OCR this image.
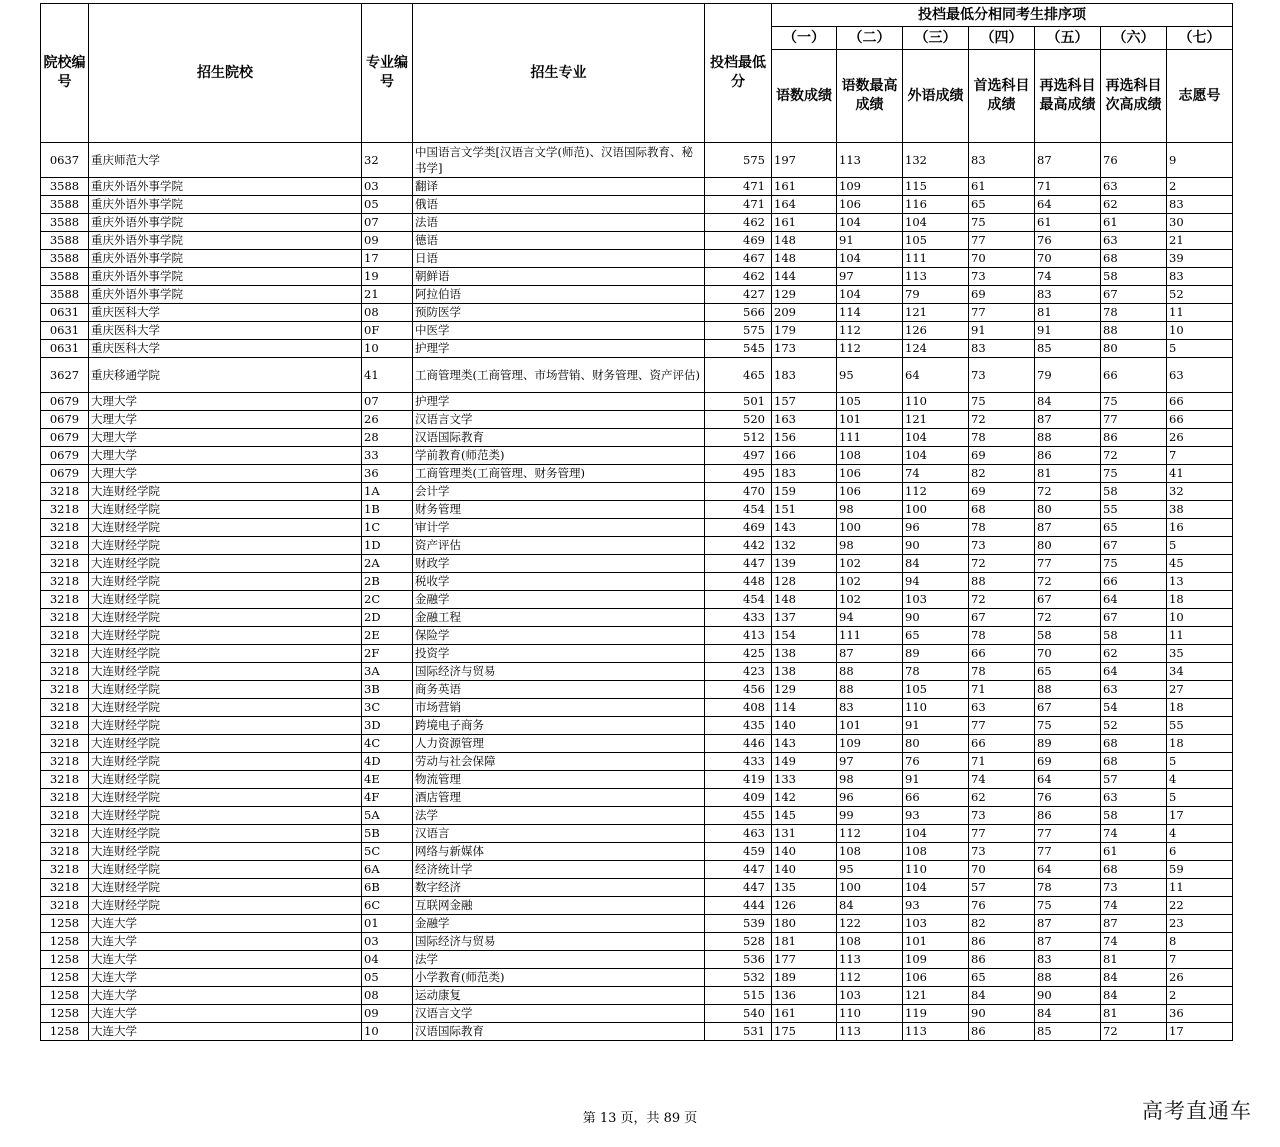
院校编号	招生院校	专业编号	招生专业	投档最低分	投档最低分相同考生排序项						
					（一）	（二）	（三）	（四）	（五）	（六）	（七）
					语数成绩	语数最高成绩	外语成绩	首选科目成绩	再选科目最高成绩	再选科目次高成绩	志愿号
0637	重庆师范大学	32	中国语言文学类[汉语言文学(师范)、汉语国际教育、秘书学]	575	197	113	132	83	87	76	9
3588	重庆外语外事学院	03	翻译	471	161	109	115	61	71	63	2
3588	重庆外语外事学院	05	俄语	471	164	106	116	65	64	62	83
3588	重庆外语外事学院	07	法语	462	161	104	104	75	61	61	30
3588	重庆外语外事学院	09	德语	469	148	91	105	77	76	63	21
3588	重庆外语外事学院	17	日语	467	148	104	111	70	70	68	39
3588	重庆外语外事学院	19	朝鲜语	462	144	97	113	73	74	58	83
3588	重庆外语外事学院	21	阿拉伯语	427	129	104	79	69	83	67	52
0631	重庆医科大学	08	预防医学	566	209	114	121	77	81	78	11
0631	重庆医科大学	0F	中医学	575	179	112	126	91	91	88	10
0631	重庆医科大学	10	护理学	545	173	112	124	83	85	80	5
3627	重庆移通学院	41	工商管理类(工商管理、市场营销、财务管理、资产评估)	465	183	95	64	73	79	66	63
0679	大理大学	07	护理学	501	157	105	110	75	84	75	66
0679	大理大学	26	汉语言文学	520	163	101	121	72	87	77	66
0679	大理大学	28	汉语国际教育	512	156	111	104	78	88	86	26
0679	大理大学	33	学前教育(师范类)	497	166	108	104	69	86	72	7
0679	大理大学	36	工商管理类(工商管理、财务管理)	495	183	106	74	82	81	75	41
3218	大连财经学院	1A	会计学	470	159	106	112	69	72	58	32
3218	大连财经学院	1B	财务管理	454	151	98	100	68	80	55	38
3218	大连财经学院	1C	审计学	469	143	100	96	78	87	65	16
3218	大连财经学院	1D	资产评估	442	132	98	90	73	80	67	5
3218	大连财经学院	2A	财政学	447	139	102	84	72	77	75	45
3218	大连财经学院	2B	税收学	448	128	102	94	88	72	66	13
3218	大连财经学院	2C	金融学	454	148	102	103	72	67	64	18
3218	大连财经学院	2D	金融工程	433	137	94	90	67	72	67	10
3218	大连财经学院	2E	保险学	413	154	111	65	78	58	58	11
3218	大连财经学院	2F	投资学	425	138	87	89	66	70	62	35
3218	大连财经学院	3A	国际经济与贸易	423	138	88	78	78	65	64	34
3218	大连财经学院	3B	商务英语	456	129	88	105	71	88	63	27
3218	大连财经学院	3C	市场营销	408	114	83	110	63	67	54	18
3218	大连财经学院	3D	跨境电子商务	435	140	101	91	77	75	52	55
3218	大连财经学院	4C	人力资源管理	446	143	109	80	66	89	68	18
3218	大连财经学院	4D	劳动与社会保障	433	149	97	76	71	69	68	5
3218	大连财经学院	4E	物流管理	419	133	98	91	74	64	57	4
3218	大连财经学院	4F	酒店管理	409	142	96	66	62	76	63	5
3218	大连财经学院	5A	法学	455	145	99	93	73	86	58	17
3218	大连财经学院	5B	汉语言	463	131	112	104	77	77	74	4
3218	大连财经学院	5C	网络与新媒体	459	140	108	108	73	77	61	6
3218	大连财经学院	6A	经济统计学	447	140	95	110	70	64	68	59
3218	大连财经学院	6B	数字经济	447	135	100	104	57	78	73	11
3218	大连财经学院	6C	互联网金融	444	126	84	93	76	75	74	22
1258	大连大学	01	金融学	539	180	122	103	82	87	87	23
1258	大连大学	03	国际经济与贸易	528	181	108	101	86	87	74	8
1258	大连大学	04	法学	536	177	113	109	86	83	81	7
1258	大连大学	05	小学教育(师范类)	532	189	112	106	65	88	84	26
1258	大连大学	08	运动康复	515	136	103	121	84	90	84	2
1258	大连大学	09	汉语言文学	540	161	110	119	90	84	81	36
1258	大连大学	10	汉语国际教育	531	175	113	113	86	85	72	17
第 13 页，共 89 页	高考直通车
